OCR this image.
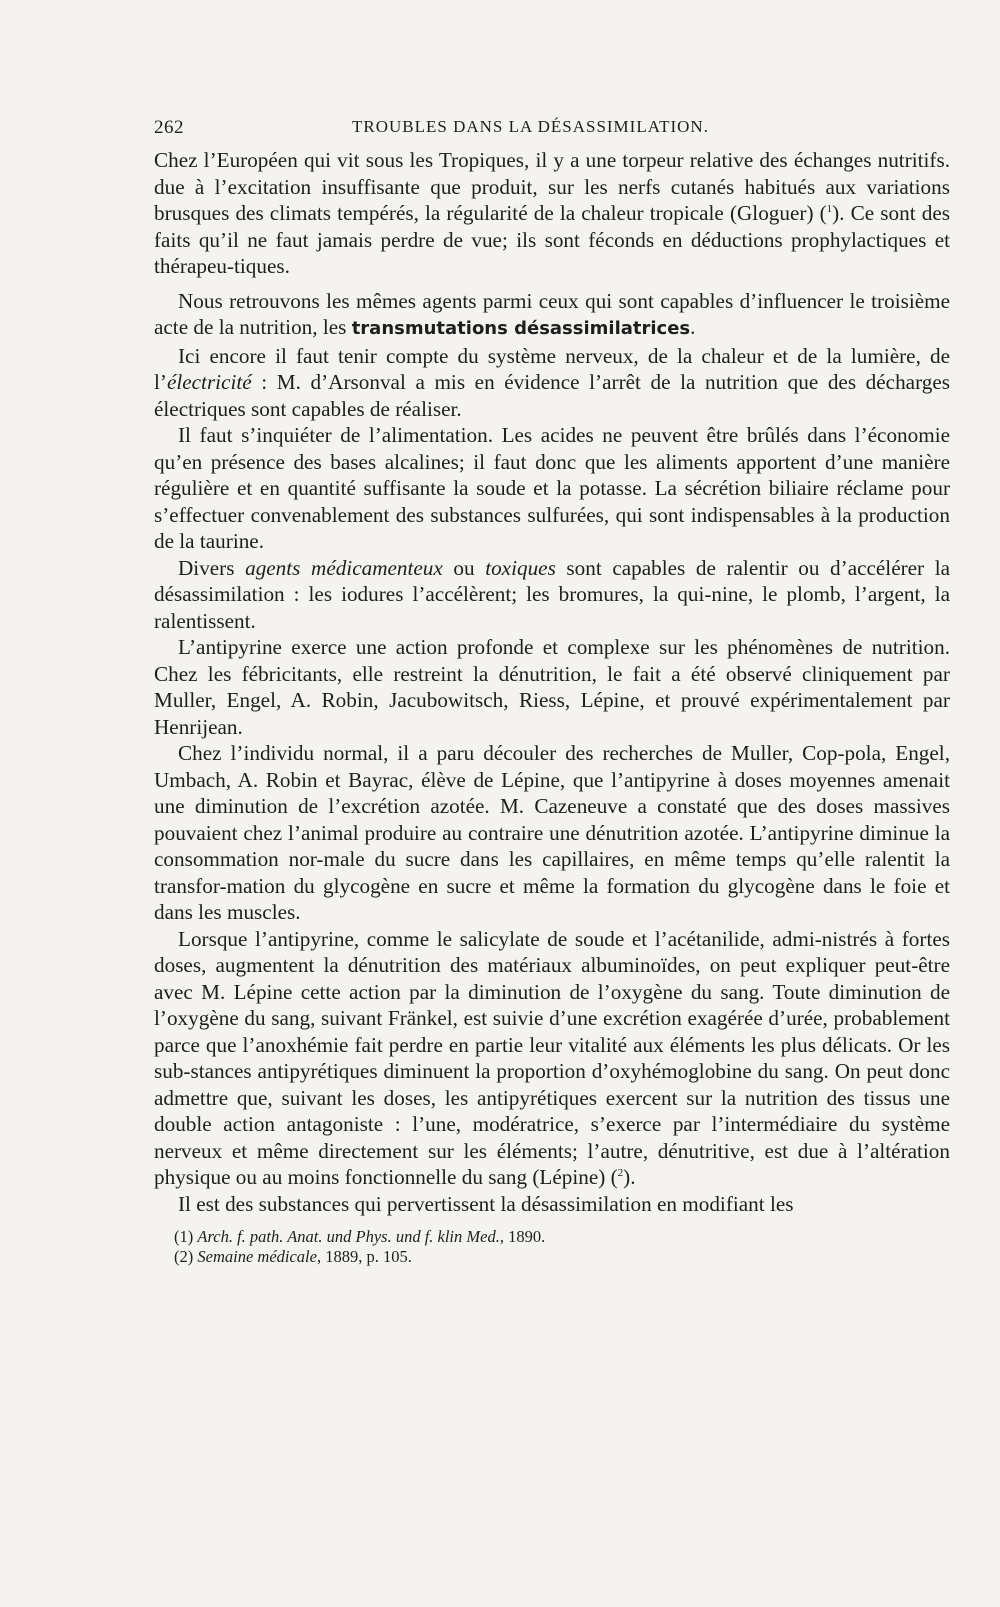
262	TROUBLES DANS LA DÉSASSIMILATION.

Chez l’Européen qui vit sous les Tropiques, il y a une torpeur relative des échanges nutritifs. due à l’excitation insuffisante que produit, sur les nerfs cutanés habitués aux variations brusques des climats tempérés, la régularité de la chaleur tropicale (Gloguer) ($^1$). Ce sont des faits qu’il ne faut jamais perdre de vue; ils sont féconds en déductions prophylactiques et thérapeu-tiques.

Nous retrouvons les mêmes agents parmi ceux qui sont capables d’influencer le troisième acte de la nutrition, les transmutations désassimilatrices.

Ici encore il faut tenir compte du système nerveux, de la chaleur et de la lumière, de l’électricité : M. d’Arsonval a mis en évidence l’arrêt de la nutrition que des décharges électriques sont capables de réaliser.

Il faut s’inquiéter de l’alimentation. Les acides ne peuvent être brûlés dans l’économie qu’en présence des bases alcalines; il faut donc que les aliments apportent d’une manière régulière et en quantité suffisante la soude et la potasse. La sécrétion biliaire réclame pour s’effectuer convenablement des substances sulfurées, qui sont indispensables à la production de la taurine.

Divers agents médicamenteux ou toxiques sont capables de ralentir ou d’accélérer la désassimilation : les iodures l’accélèrent; les bromures, la qui-nine, le plomb, l’argent, la ralentissent.

L’antipyrine exerce une action profonde et complexe sur les phénomènes de nutrition. Chez les fébricitants, elle restreint la dénutrition, le fait a été observé cliniquement par Muller, Engel, A. Robin, Jacubowitsch, Riess, Lépine, et prouvé expérimentalement par Henrijean.

Chez l’individu normal, il a paru découler des recherches de Muller, Cop-pola, Engel, Umbach, A. Robin et Bayrac, élève de Lépine, que l’antipyrine à doses moyennes amenait une diminution de l’excrétion azotée. M. Cazeneuve a constaté que des doses massives pouvaient chez l’animal produire au contraire une dénutrition azotée. L’antipyrine diminue la consommation nor-male du sucre dans les capillaires, en même temps qu’elle ralentit la transfor-mation du glycogène en sucre et même la formation du glycogène dans le foie et dans les muscles.

Lorsque l’antipyrine, comme le salicylate de soude et l’acétanilide, admi-nistrés à fortes doses, augmentent la dénutrition des matériaux albuminoïdes, on peut expliquer peut-être avec M. Lépine cette action par la diminution de l’oxygène du sang. Toute diminution de l’oxygène du sang, suivant Fränkel, est suivie d’une excrétion exagérée d’urée, probablement parce que l’anoxhémie fait perdre en partie leur vitalité aux éléments les plus délicats. Or les sub-stances antipyrétiques diminuent la proportion d’oxyhémoglobine du sang. On peut donc admettre que, suivant les doses, les antipyrétiques exercent sur la nutrition des tissus une double action antagoniste : l’une, modératrice, s’exerce par l’intermédiaire du système nerveux et même directement sur les éléments; l’autre, dénutritive, est due à l’altération physique ou au moins fonctionnelle du sang (Lépine) ($^2$).

Il est des substances qui pervertissent la désassimilation en modifiant les

(1) Arch. f. path. Anat. und Phys. und f. klin Med., 1890.

(2) Semaine médicale, 1889, p. 105.
